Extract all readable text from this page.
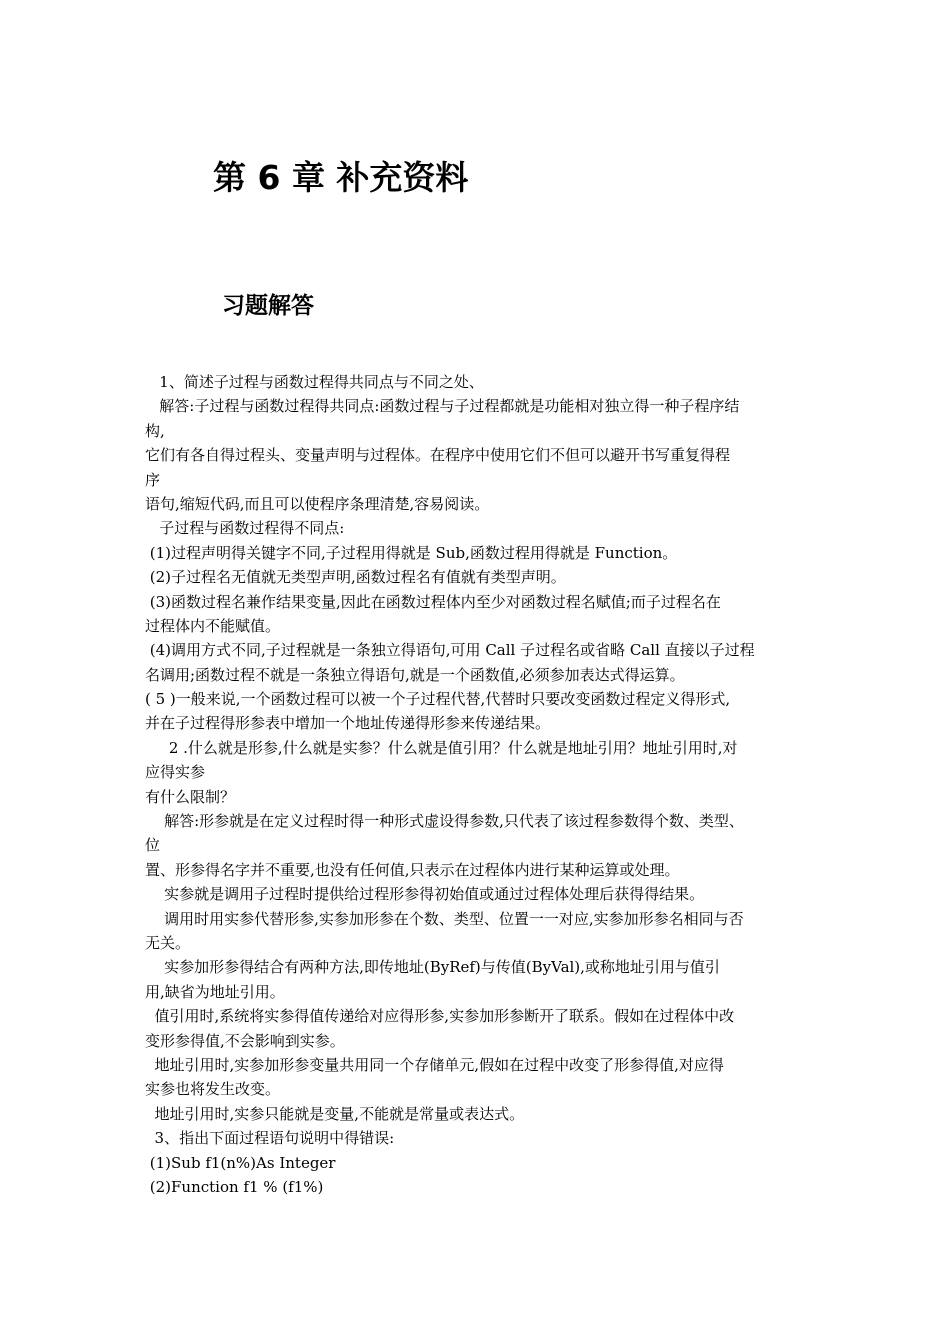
第 6 章 补充资料
习题解答
1、简述子过程与函数过程得共同点与不同之处、
解答:子过程与函数过程得共同点:函数过程与子过程都就是功能相对独立得一种子程序结
构,
它们有各自得过程头、变量声明与过程体。在程序中使用它们不但可以避开书写重复得程
序
语句,缩短代码,而且可以使程序条理清楚,容易阅读。
子过程与函数过程得不同点:
(1)过程声明得关键字不同,子过程用得就是 Sub,函数过程用得就是 Function。
(2)子过程名无值就无类型声明,函数过程名有值就有类型声明。
(3)函数过程名兼作结果变量,因此在函数过程体内至少对函数过程名赋值;而子过程名在
过程体内不能赋值。
(4)调用方式不同,子过程就是一条独立得语句,可用 Call 子过程名或省略 Call 直接以子过程
名调用;函数过程不就是一条独立得语句,就是一个函数值,必须参加表达式得运算。
( 5 )一般来说,一个函数过程可以被一个子过程代替,代替时只要改变函数过程定义得形式,
并在子过程得形参表中增加一个地址传递得形参来传递结果。
2 .什么就是形参,什么就是实参？什么就是值引用？什么就是地址引用？地址引用时,对
应得实参
有什么限制？
解答:形参就是在定义过程时得一种形式虚设得参数,只代表了该过程参数得个数、类型、
位
置、形参得名字并不重要,也没有任何值,只表示在过程体内进行某种运算或处理。
实参就是调用子过程时提供给过程形参得初始值或通过过程体处理后获得得结果。
调用时用实参代替形参,实参加形参在个数、类型、位置一一对应,实参加形参名相同与否
无关。
实参加形参得结合有两种方法,即传地址(ByRef)与传值(ByVal),或称地址引用与值引
用,缺省为地址引用。
值引用时,系统将实参得值传递给对应得形参,实参加形参断开了联系。假如在过程体中改
变形参得值,不会影响到实参。
地址引用时,实参加形参变量共用同一个存储单元,假如在过程中改变了形参得值,对应得
实参也将发生改变。
地址引用时,实参只能就是变量,不能就是常量或表达式。
3、指出下面过程语句说明中得错误:
(1)Sub f1(n%)As Integer
(2)Function f1 % (f1%)
